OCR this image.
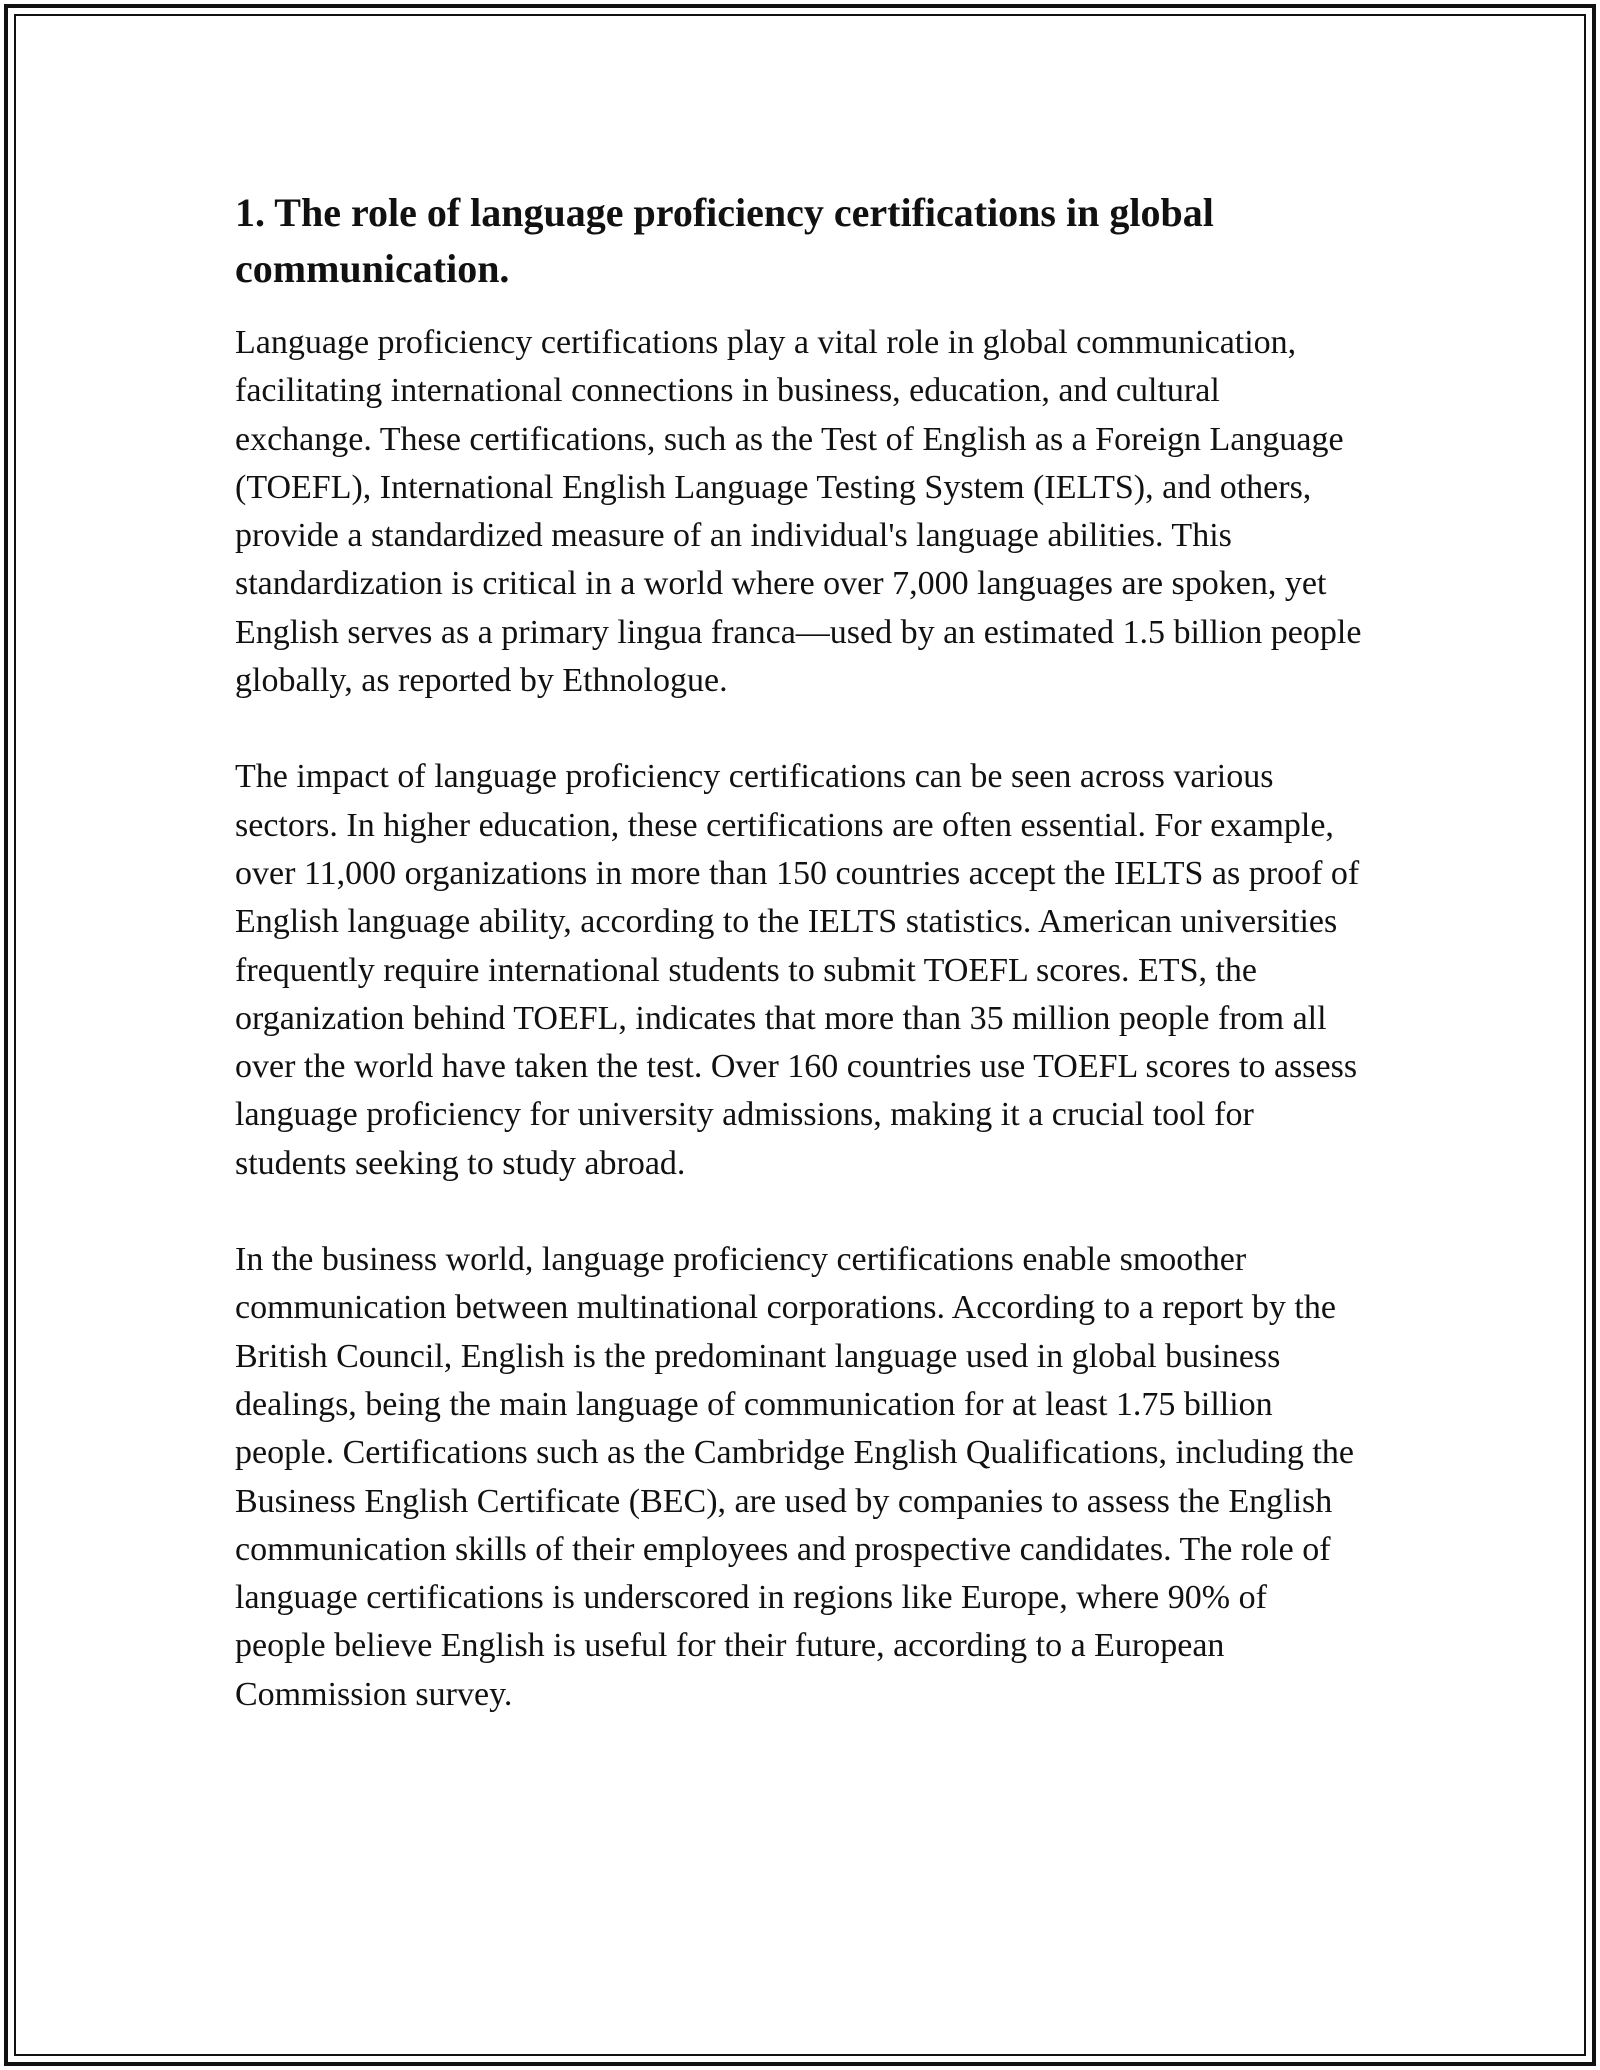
1. The role of language proficiency certifications in global communication.

Language proficiency certifications play a vital role in global communication, facilitating international connections in business, education, and cultural exchange. These certifications, such as the Test of English as a Foreign Language (TOEFL), International English Language Testing System (IELTS), and others, provide a standardized measure of an individual's language abilities. This standardization is critical in a world where over 7,000 languages are spoken, yet English serves as a primary lingua franca—used by an estimated 1.5 billion people globally, as reported by Ethnologue.

The impact of language proficiency certifications can be seen across various sectors. In higher education, these certifications are often essential. For example, over 11,000 organizations in more than 150 countries accept the IELTS as proof of English language ability, according to the IELTS statistics. American universities frequently require international students to submit TOEFL scores. ETS, the organization behind TOEFL, indicates that more than 35 million people from all over the world have taken the test. Over 160 countries use TOEFL scores to assess language proficiency for university admissions, making it a crucial tool for students seeking to study abroad.

In the business world, language proficiency certifications enable smoother communication between multinational corporations. According to a report by the British Council, English is the predominant language used in global business dealings, being the main language of communication for at least 1.75 billion people. Certifications such as the Cambridge English Qualifications, including the Business English Certificate (BEC), are used by companies to assess the English communication skills of their employees and prospective candidates. The role of language certifications is underscored in regions like Europe, where 90% of people believe English is useful for their future, according to a European Commission survey.
